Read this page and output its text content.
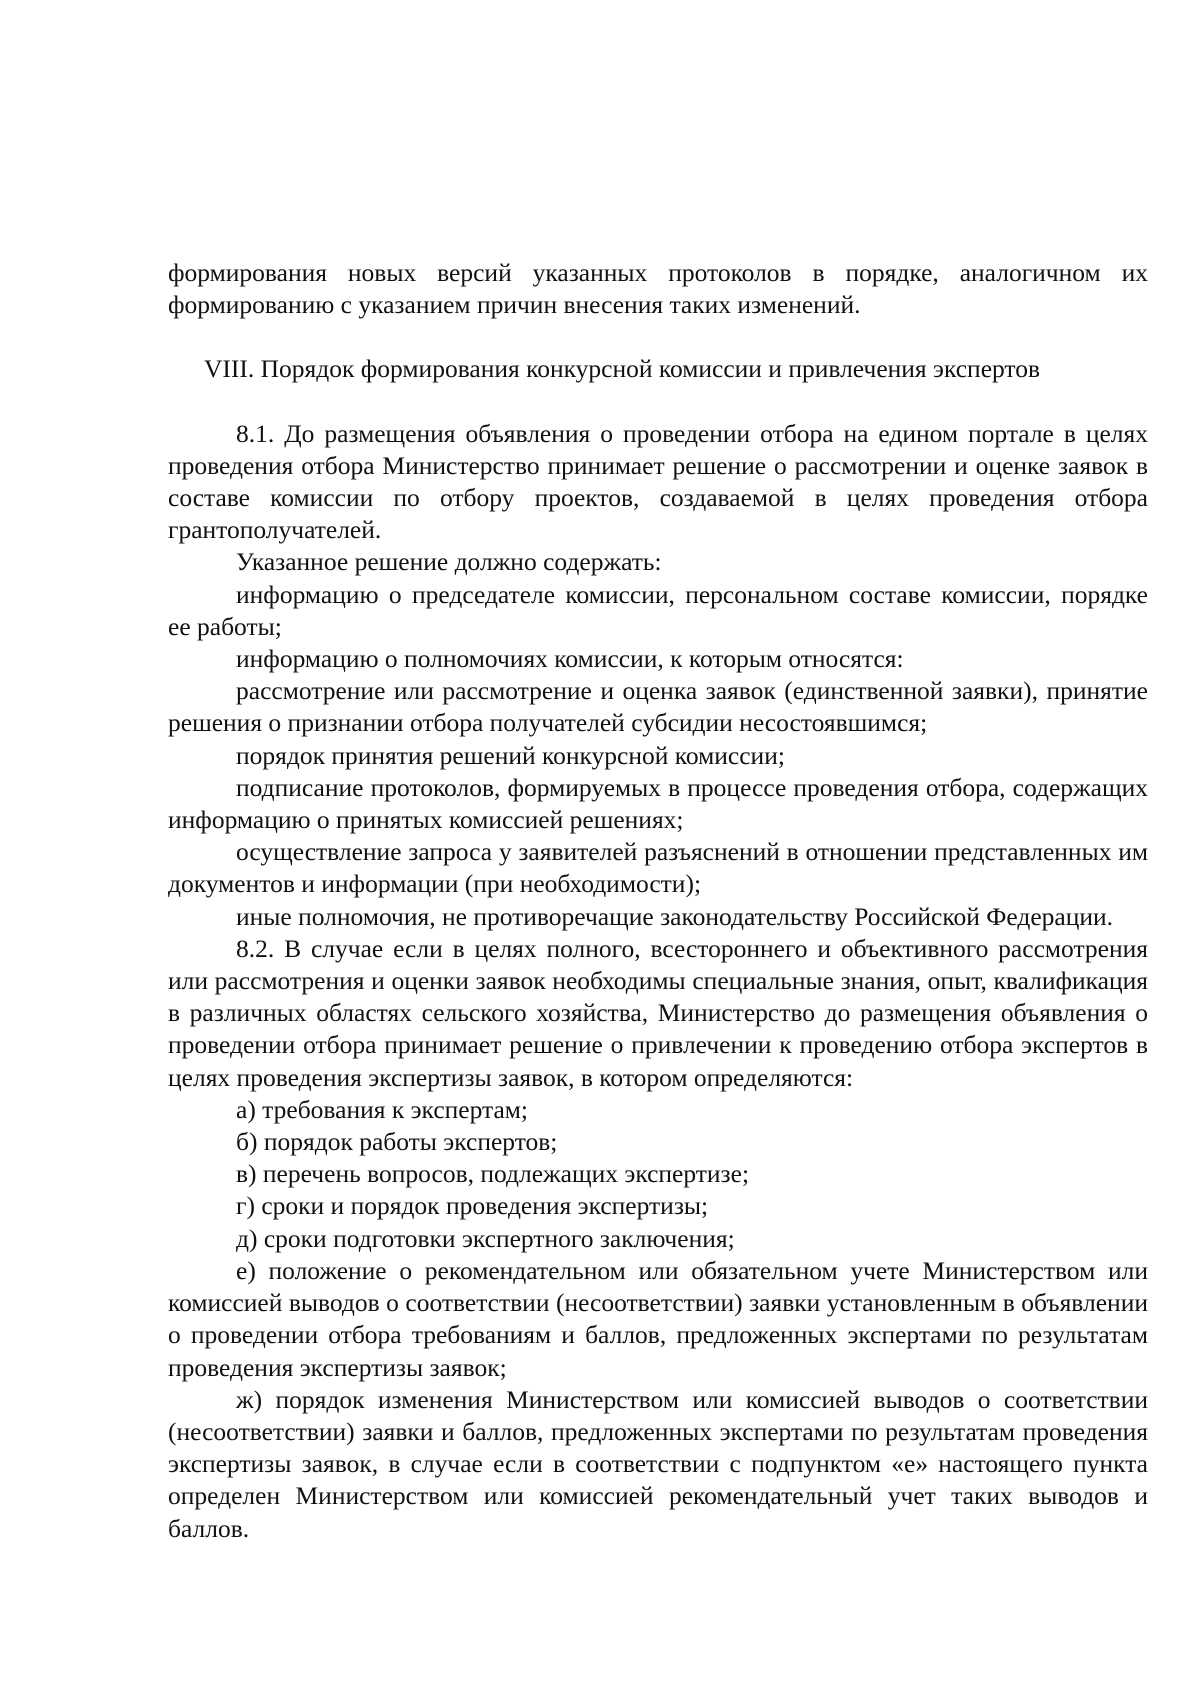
формирования новых версий указанных протоколов в порядке, аналогичном их формированию с указанием причин внесения таких изменений.

VIII. Порядок формирования конкурсной комиссии и привлечения экспертов

8.1. До размещения объявления о проведении отбора на едином портале в целях проведения отбора Министерство принимает решение о рассмотрении и оценке заявок в составе комиссии по отбору проектов, создаваемой в целях проведения отбора грантополучателей.

Указанное решение должно содержать:

информацию о председателе комиссии, персональном составе комиссии, порядке ее работы;

информацию о полномочиях комиссии, к которым относятся:

рассмотрение или рассмотрение и оценка заявок (единственной заявки), принятие решения о признании отбора получателей субсидии несостоявшимся;

порядок принятия решений конкурсной комиссии;

подписание протоколов, формируемых в процессе проведения отбора, содержащих информацию о принятых комиссией решениях;

осуществление запроса у заявителей разъяснений в отношении представленных им документов и информации (при необходимости);

иные полномочия, не противоречащие законодательству Российской Федерации.

8.2. В случае если в целях полного, всестороннего и объективного рассмотрения или рассмотрения и оценки заявок необходимы специальные знания, опыт, квалификация в различных областях сельского хозяйства, Министерство до размещения объявления о проведении отбора принимает решение о привлечении к проведению отбора экспертов в целях проведения экспертизы заявок, в котором определяются:

а) требования к экспертам;

б) порядок работы экспертов;

в) перечень вопросов, подлежащих экспертизе;

г) сроки и порядок проведения экспертизы;

д) сроки подготовки экспертного заключения;

е) положение о рекомендательном или обязательном учете Министерством или комиссией выводов о соответствии (несоответствии) заявки установленным в объявлении о проведении отбора требованиям и баллов, предложенных экспертами по результатам проведения экспертизы заявок;

ж) порядок изменения Министерством или комиссией выводов о соответствии (несоответствии) заявки и баллов, предложенных экспертами по результатам проведения экспертизы заявок, в случае если в соответствии с подпунктом «е» настоящего пункта определен Министерством или комиссией рекомендательный учет таких выводов и баллов.
